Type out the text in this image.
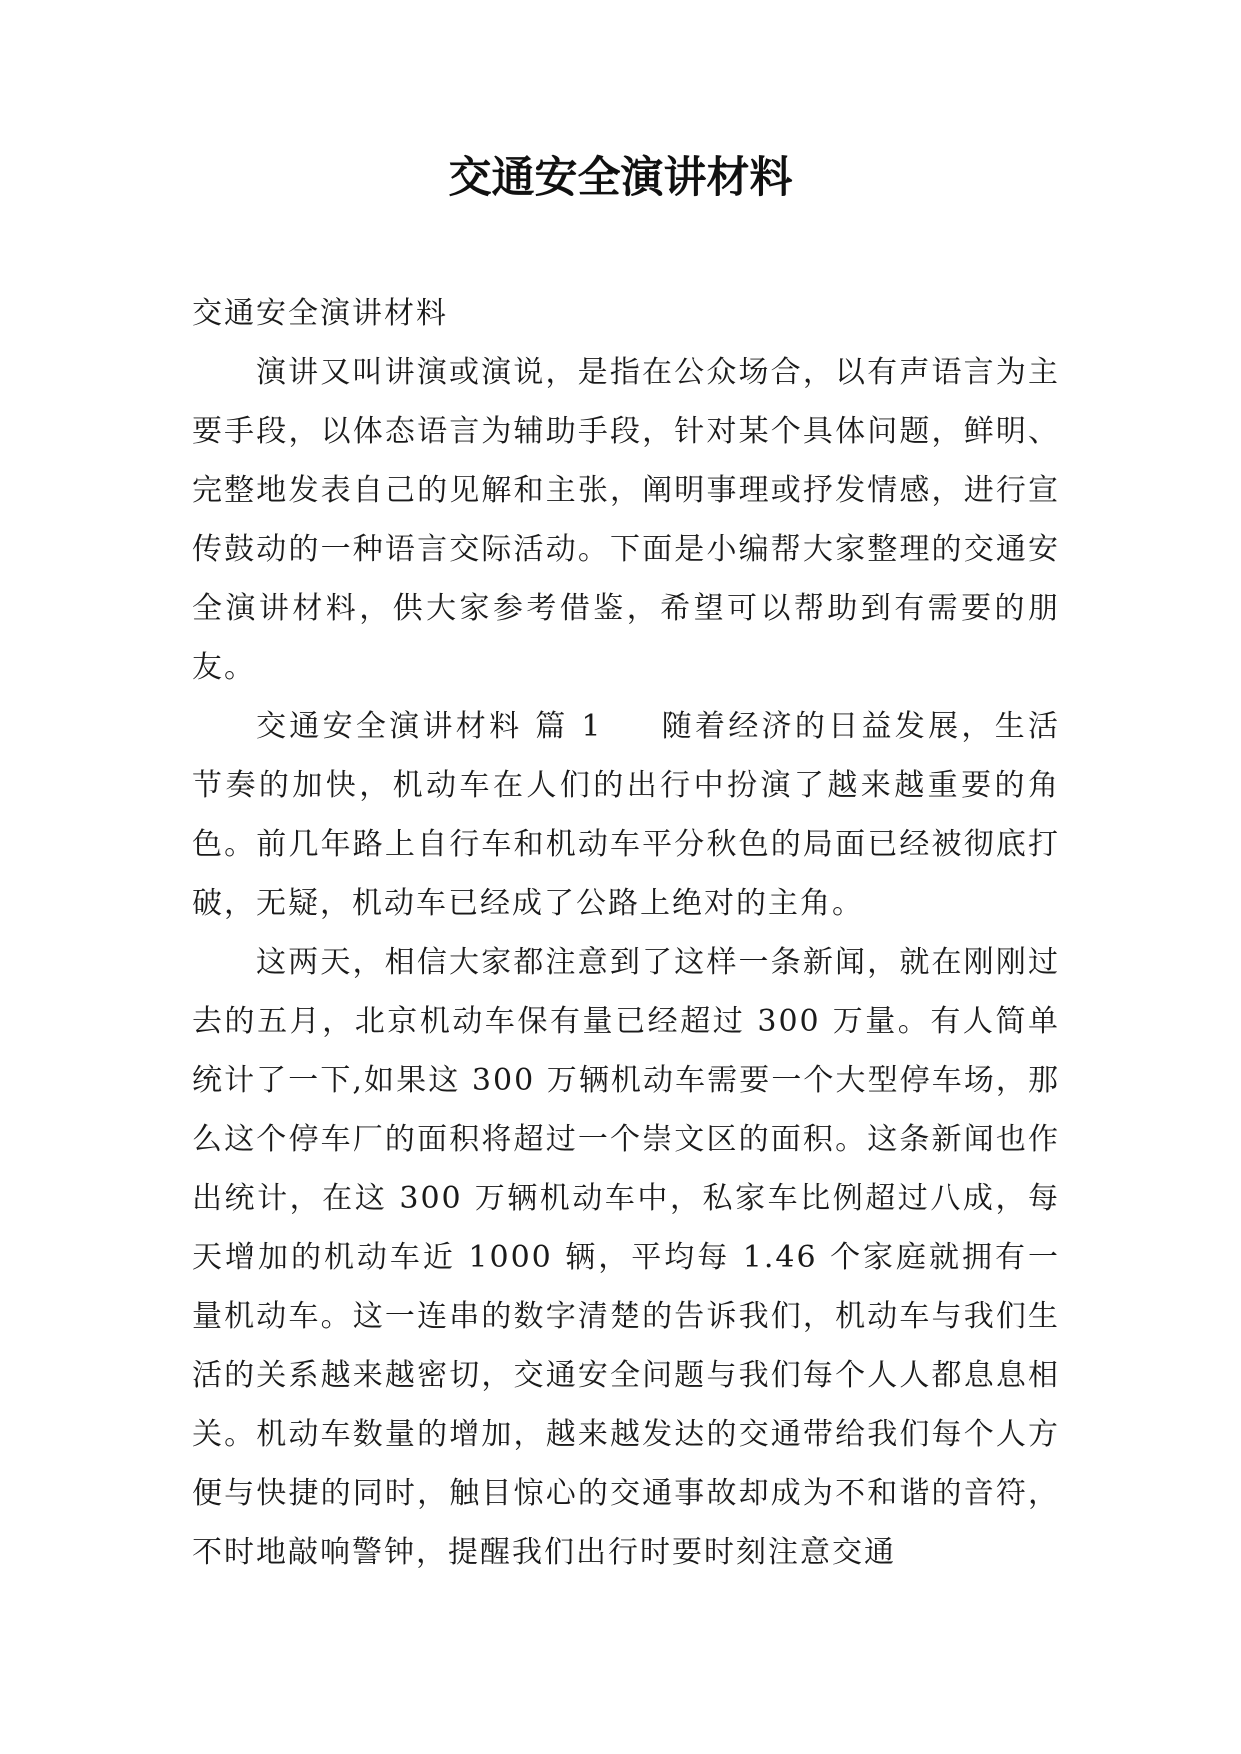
交通安全演讲材料

交通安全演讲材料

演讲又叫讲演或演说，是指在公众场合，以有声语言为主要手段，以体态语言为辅助手段，针对某个具体问题，鲜明、完整地发表自己的见解和主张，阐明事理或抒发情感，进行宣传鼓动的一种语言交际活动。下面是小编帮大家整理的交通安全演讲材料，供大家参考借鉴，希望可以帮助到有需要的朋友。

交通安全演讲材料 篇 1 随着经济的日益发展，生活节奏的加快，机动车在人们的出行中扮演了越来越重要的角色。前几年路上自行车和机动车平分秋色的局面已经被彻底打破，无疑，机动车已经成了公路上绝对的主角。

这两天，相信大家都注意到了这样一条新闻，就在刚刚过去的五月，北京机动车保有量已经超过 300 万量。有人简单统计了一下,如果这 300 万辆机动车需要一个大型停车场，那么这个停车厂的面积将超过一个崇文区的面积。这条新闻也作出统计，在这 300 万辆机动车中，私家车比例超过八成，每天增加的机动车近 1000 辆，平均每 1.46 个家庭就拥有一量机动车。这一连串的数字清楚的告诉我们，机动车与我们生活的关系越来越密切，交通安全问题与我们每个人人都息息相关。机动车数量的增加，越来越发达的交通带给我们每个人方便与快捷的同时，触目惊心的交通事故却成为不和谐的音符，不时地敲响警钟，提醒我们出行时要时刻注意交通
